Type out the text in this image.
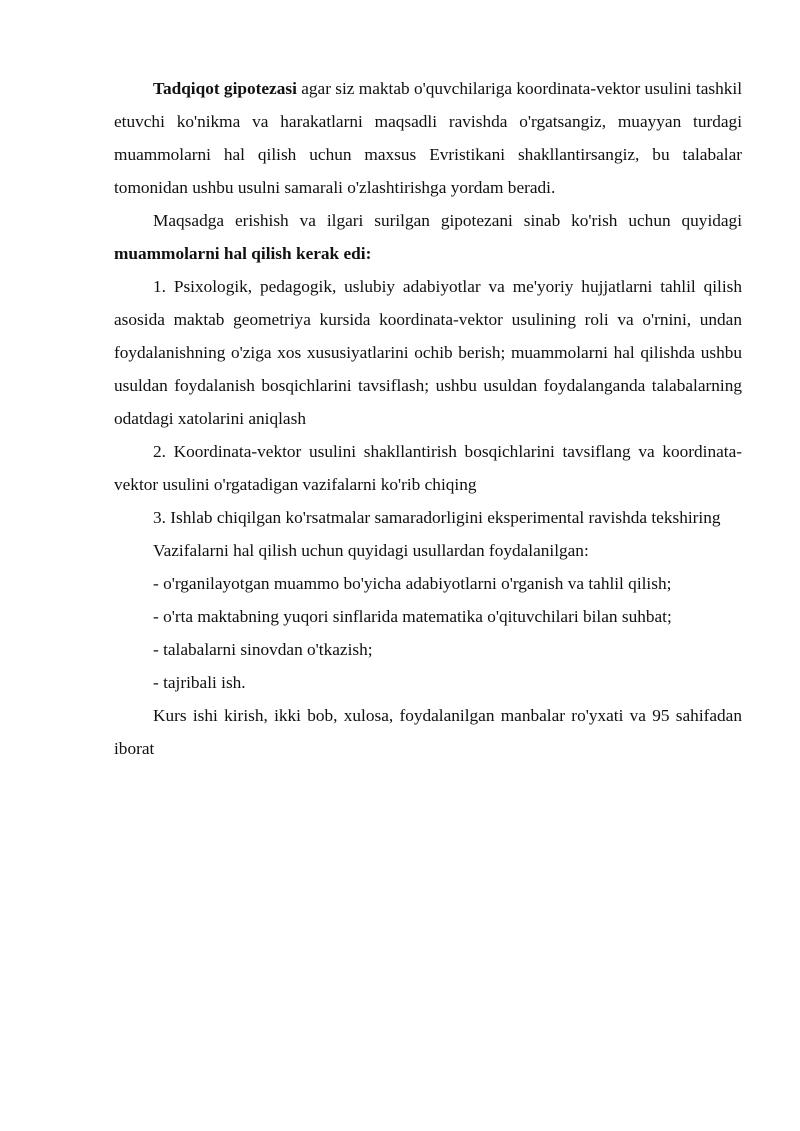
Tadqiqot gipotezasi agar siz maktab o'quvchilariga koordinata-vektor usulini tashkil etuvchi ko'nikma va harakatlarni maqsadli ravishda o'rgatsangiz, muayyan turdagi muammolarni hal qilish uchun maxsus Evristikani shakllantirsangiz, bu talabalar tomonidan ushbu usulni samarali o'zlashtirishga yordam beradi.

Maqsadga erishish va ilgari surilgan gipotezani sinab ko'rish uchun quyidagi muammolarni hal qilish kerak edi:

1. Psixologik, pedagogik, uslubiy adabiyotlar va me'yoriy hujjatlarni tahlil qilish asosida maktab geometriya kursida koordinata-vektor usulining roli va o'rnini, undan foydalanishning o'ziga xos xususiyatlarini ochib berish; muammolarni hal qilishda ushbu usuldan foydalanish bosqichlarini tavsiflash; ushbu usuldan foydalanganda talabalarning odatdagi xatolarini aniqlash

2. Koordinata-vektor usulini shakllantirish bosqichlarini tavsiflang va koordinata-vektor usulini o'rgatadigan vazifalarni ko'rib chiqing

3. Ishlab chiqilgan ko'rsatmalar samaradorligini eksperimental ravishda tekshiring

Vazifalarni hal qilish uchun quyidagi usullardan foydalanilgan:

- o'rganilayotgan muammo bo'yicha adabiyotlarni o'rganish va tahlil qilish;

- o'rta maktabning yuqori sinflarida matematika o'qituvchilari bilan suhbat;

- talabalarni sinovdan o'tkazish;

- tajribali ish.

Kurs ishi kirish, ikki bob, xulosa, foydalanilgan manbalar ro'yxati va 95 sahifadan iborat
